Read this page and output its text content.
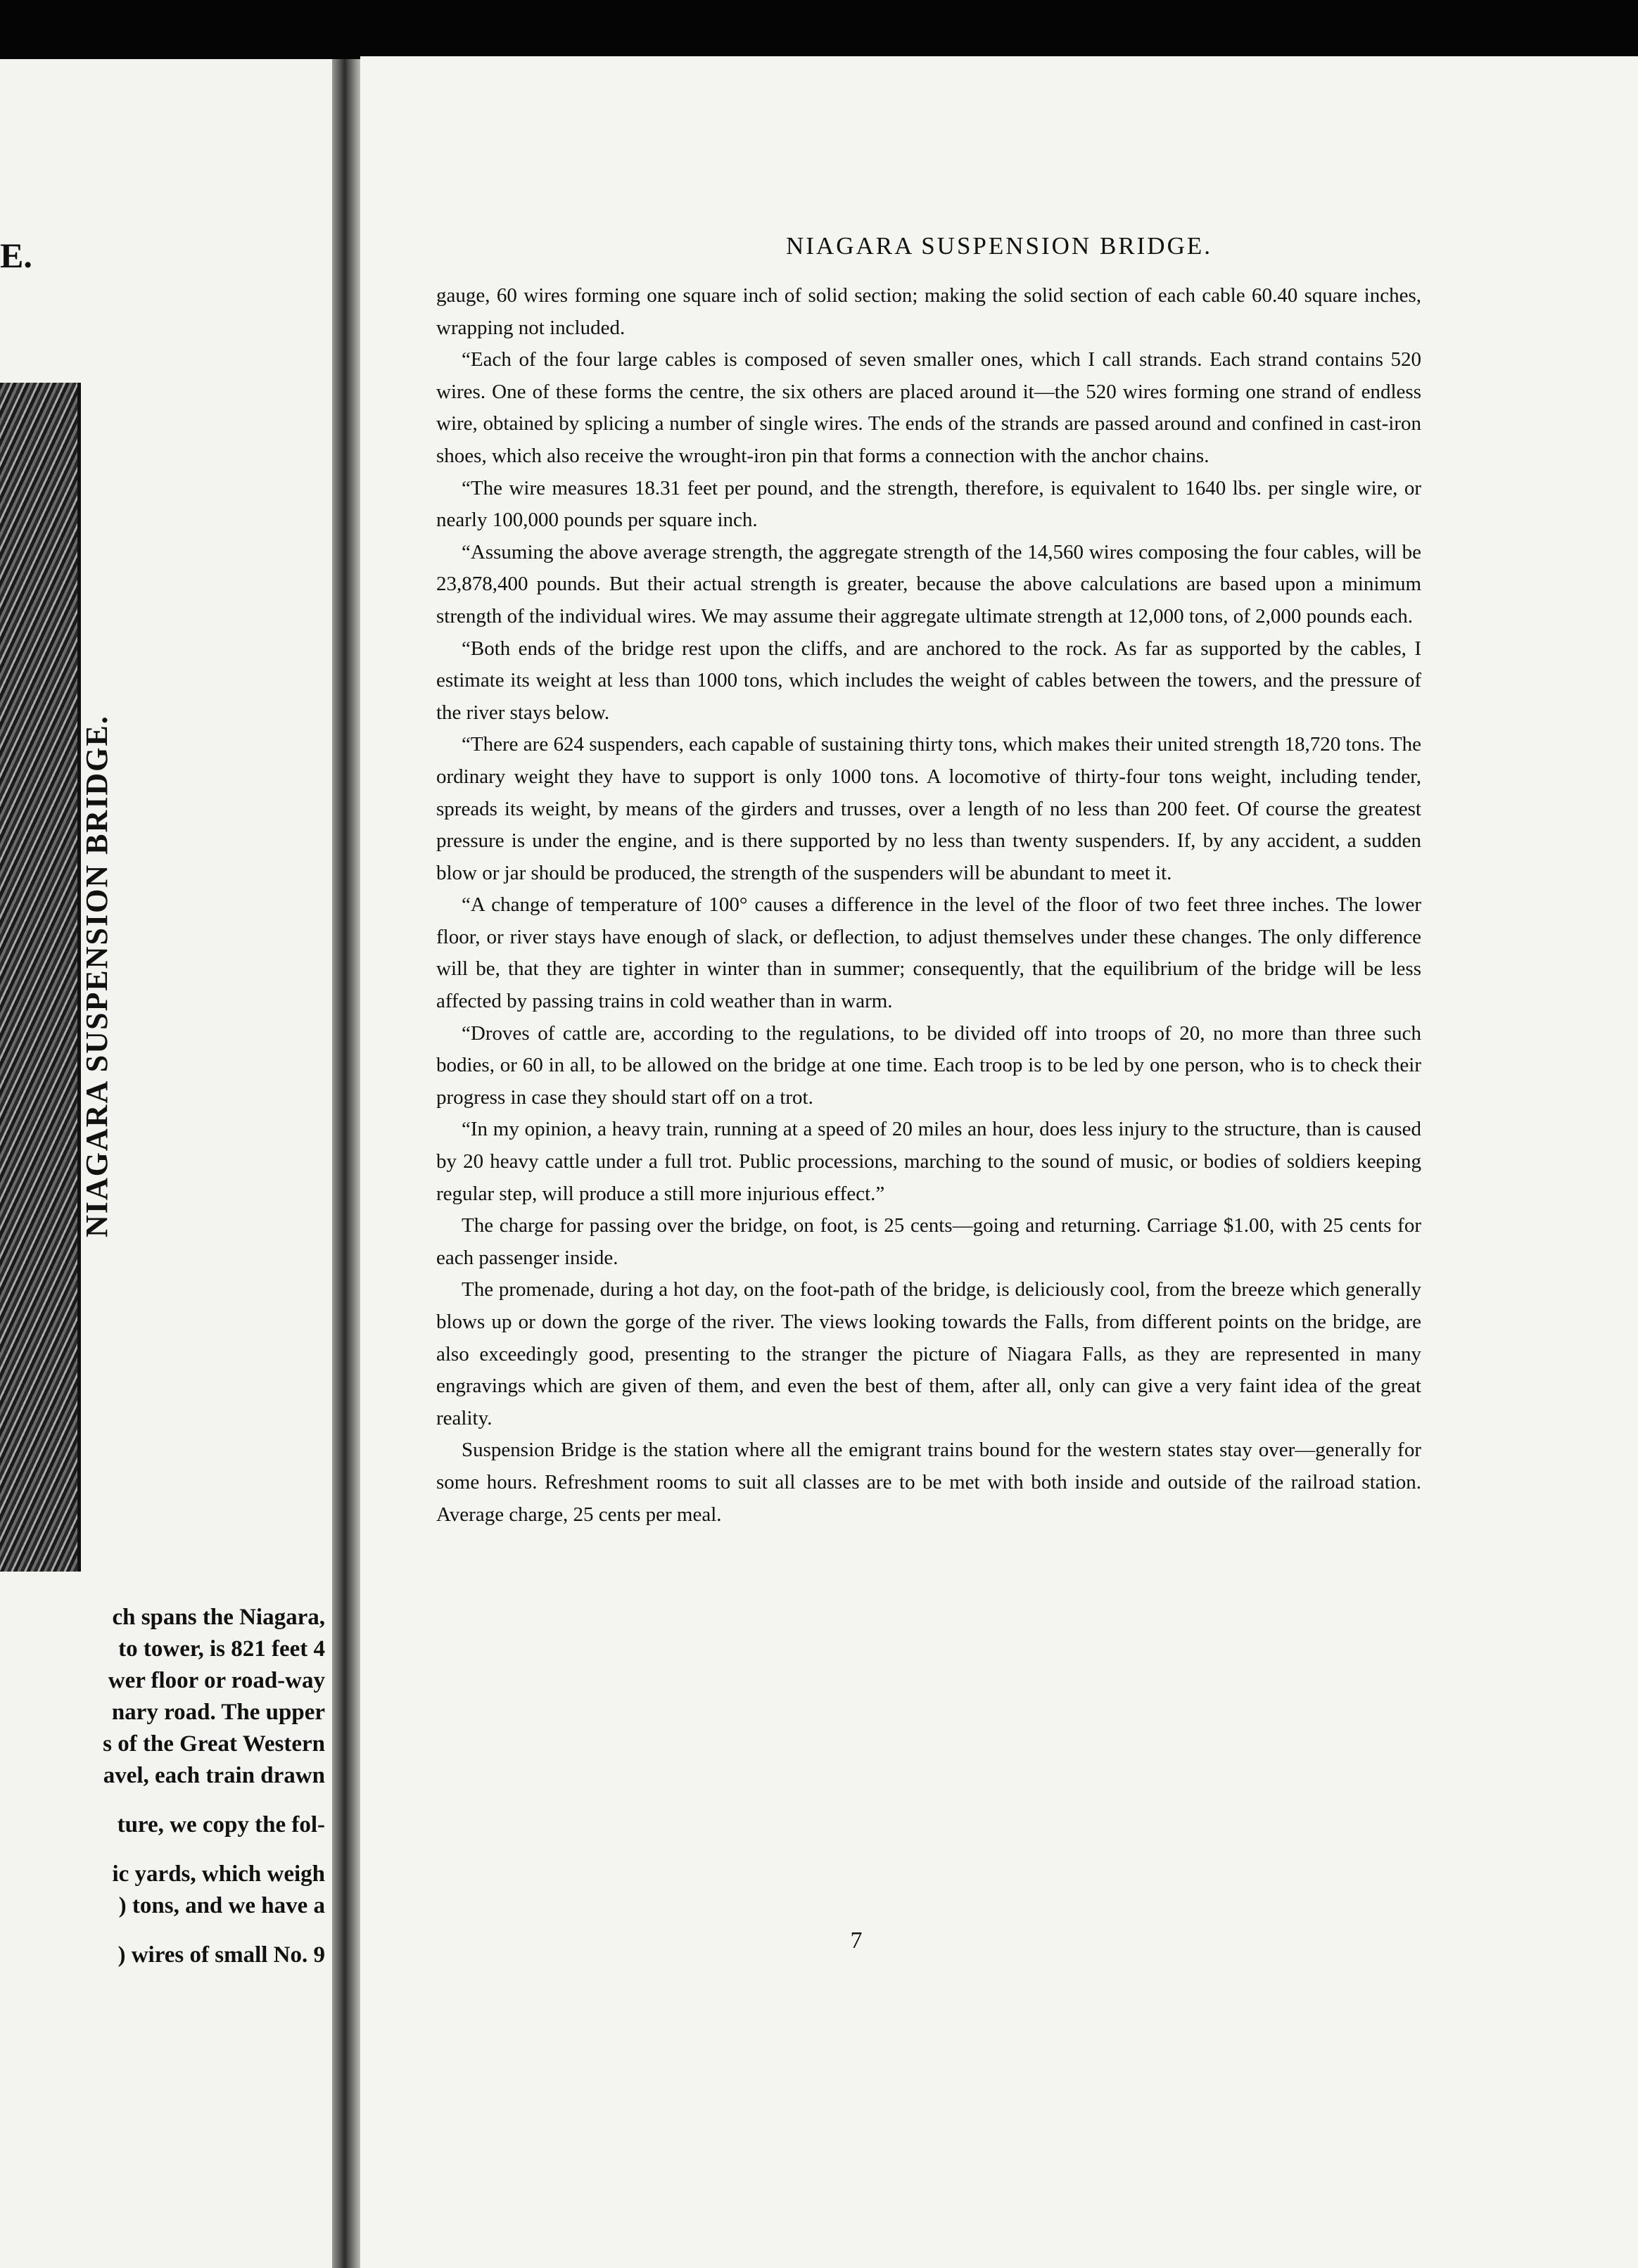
E.
NIAGARA SUSPENSION BRIDGE.
ch spans the Niagara,
to tower, is 821 feet 4
wer floor or road-way
nary road. The upper
s of the Great Western
avel, each train drawn
ture, we copy the fol-
ic yards, which weigh
) tons, and we have a
) wires of small No. 9
NIAGARA SUSPENSION BRIDGE.

gauge, 60 wires forming one square inch of solid section; making the solid section of each cable 60.40 square inches, wrapping not included.

“Each of the four large cables is composed of seven smaller ones, which I call strands. Each strand contains 520 wires. One of these forms the centre, the six others are placed around it—the 520 wires forming one strand of endless wire, obtained by splicing a number of single wires. The ends of the strands are passed around and confined in cast-iron shoes, which also receive the wrought-iron pin that forms a connection with the anchor chains.

“The wire measures 18.31 feet per pound, and the strength, therefore, is equivalent to 1640 lbs. per single wire, or nearly 100,000 pounds per square inch.

“Assuming the above average strength, the aggregate strength of the 14,560 wires composing the four cables, will be 23,878,400 pounds. But their actual strength is greater, because the above calculations are based upon a minimum strength of the individual wires. We may assume their aggregate ultimate strength at 12,000 tons, of 2,000 pounds each.

“Both ends of the bridge rest upon the cliffs, and are anchored to the rock. As far as supported by the cables, I estimate its weight at less than 1000 tons, which includes the weight of cables between the towers, and the pressure of the river stays below.

“There are 624 suspenders, each capable of sustaining thirty tons, which makes their united strength 18,720 tons. The ordinary weight they have to support is only 1000 tons. A locomotive of thirty-four tons weight, including tender, spreads its weight, by means of the girders and trusses, over a length of no less than 200 feet. Of course the greatest pressure is under the engine, and is there supported by no less than twenty suspenders. If, by any accident, a sudden blow or jar should be produced, the strength of the suspenders will be abundant to meet it.

“A change of temperature of 100° causes a difference in the level of the floor of two feet three inches. The lower floor, or river stays have enough of slack, or deflection, to adjust themselves under these changes. The only difference will be, that they are tighter in winter than in summer; consequently, that the equilibrium of the bridge will be less affected by passing trains in cold weather than in warm.

“Droves of cattle are, according to the regulations, to be divided off into troops of 20, no more than three such bodies, or 60 in all, to be allowed on the bridge at one time. Each troop is to be led by one person, who is to check their progress in case they should start off on a trot.

“In my opinion, a heavy train, running at a speed of 20 miles an hour, does less injury to the structure, than is caused by 20 heavy cattle under a full trot. Public processions, marching to the sound of music, or bodies of soldiers keeping regular step, will produce a still more injurious effect.”

The charge for passing over the bridge, on foot, is 25 cents—going and returning. Carriage $1.00, with 25 cents for each passenger inside.

The promenade, during a hot day, on the foot-path of the bridge, is deliciously cool, from the breeze which generally blows up or down the gorge of the river. The views looking towards the Falls, from different points on the bridge, are also exceedingly good, presenting to the stranger the picture of Niagara Falls, as they are represented in many engravings which are given of them, and even the best of them, after all, only can give a very faint idea of the great reality.

Suspension Bridge is the station where all the emigrant trains bound for the western states stay over—generally for some hours. Refreshment rooms to suit all classes are to be met with both inside and outside of the railroad station. Average charge, 25 cents per meal.

7
